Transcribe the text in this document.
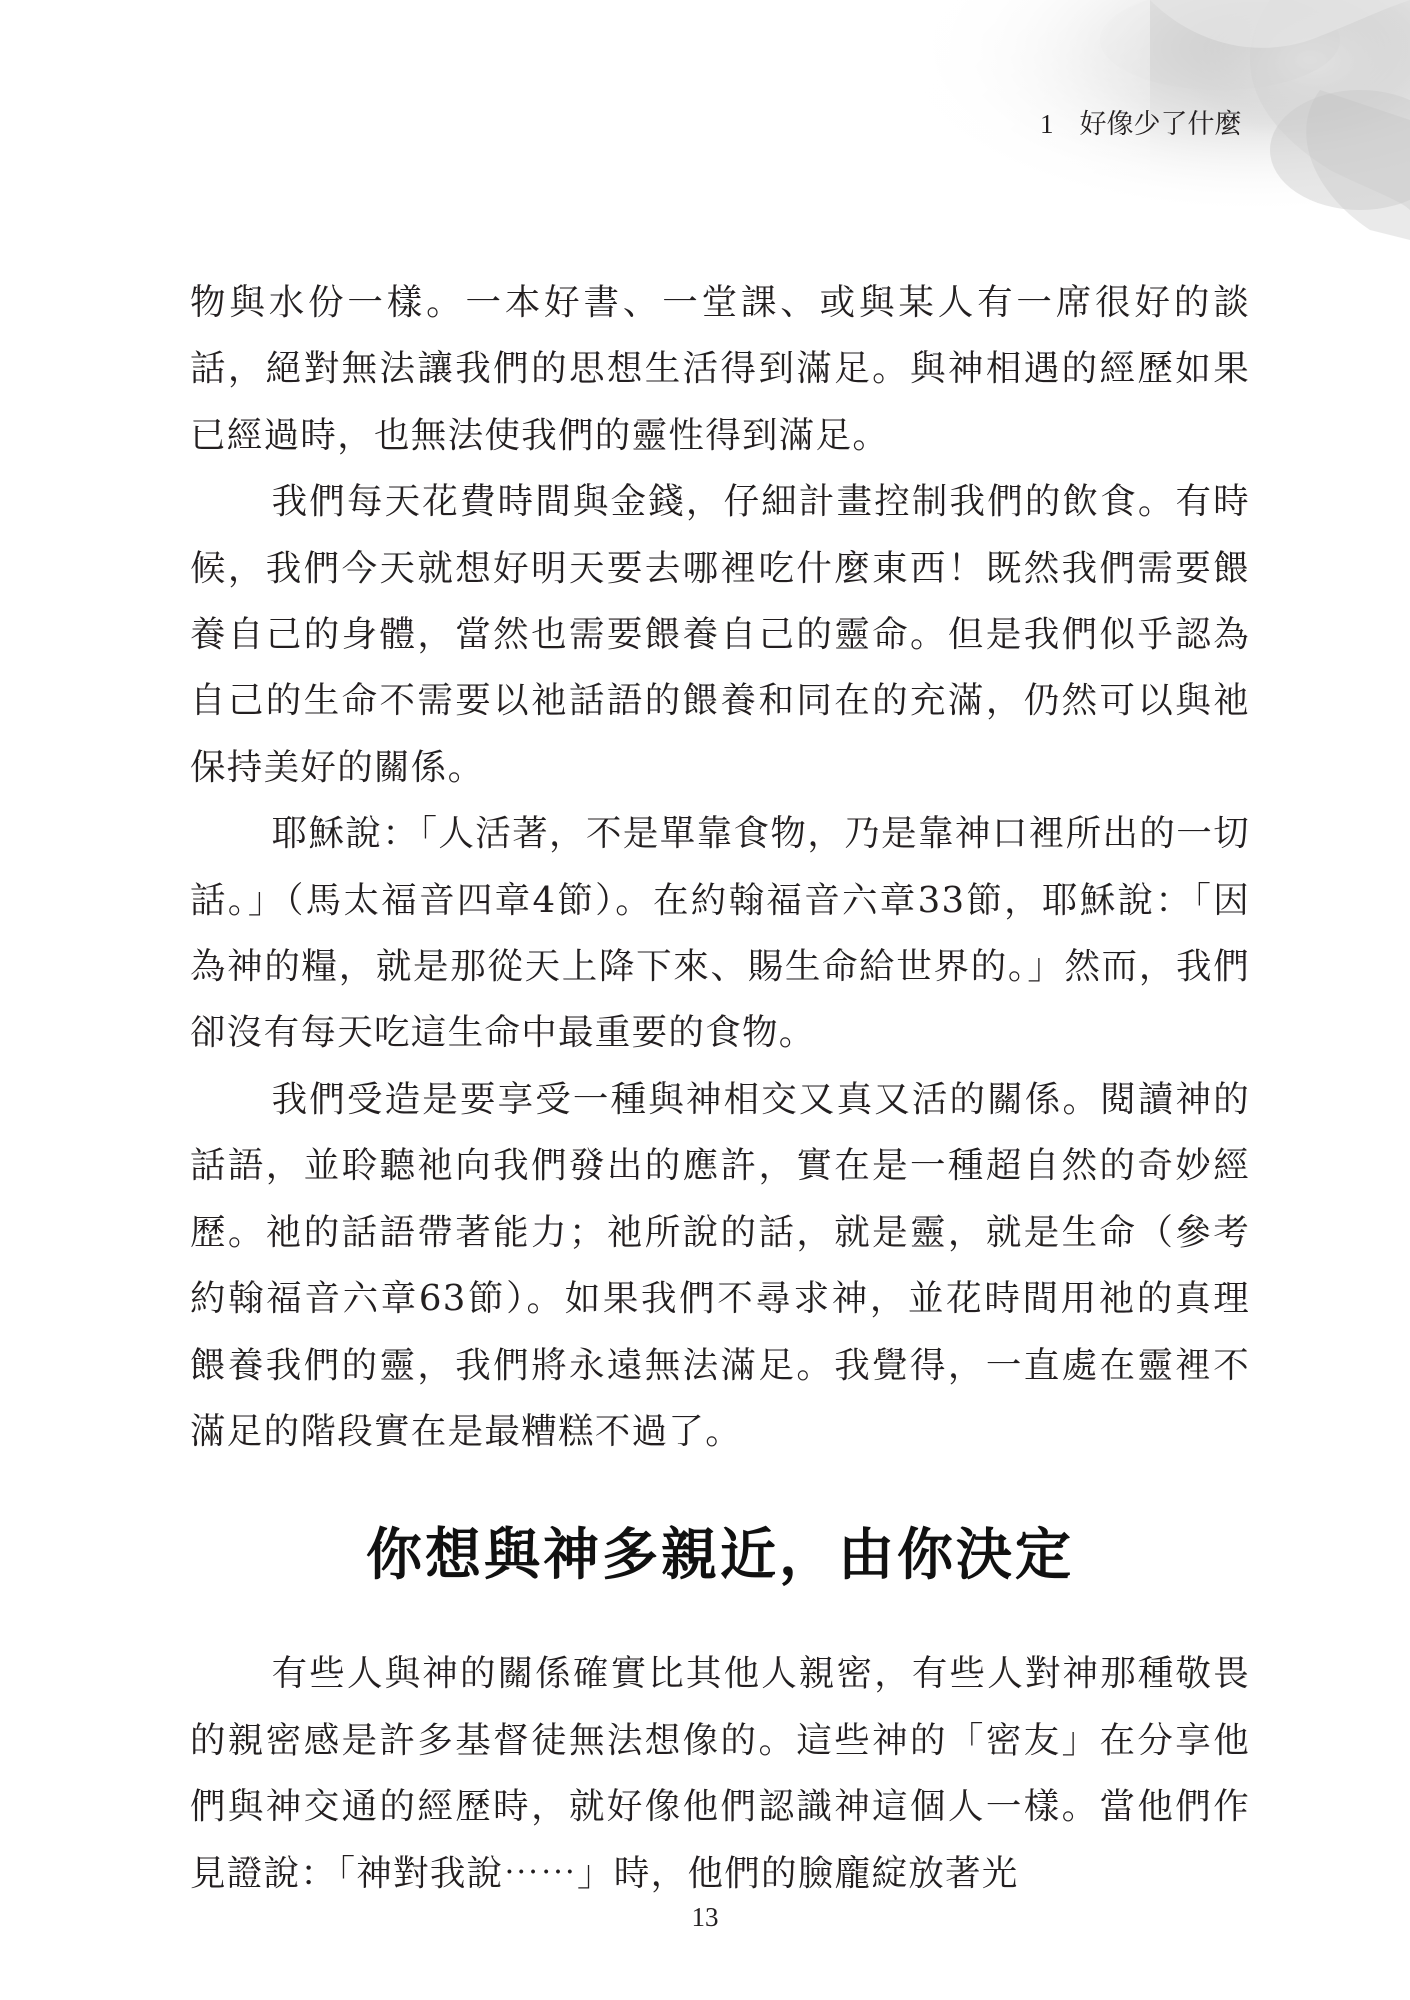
1 好像少了什麼

物與水份一樣。一本好書、一堂課、或與某人有一席很好的談話，絕對無法讓我們的思想生活得到滿足。與神相遇的經歷如果已經過時，也無法使我們的靈性得到滿足。

我們每天花費時間與金錢，仔細計畫控制我們的飲食。有時候，我們今天就想好明天要去哪裡吃什麼東西！既然我們需要餵養自己的身體，當然也需要餵養自己的靈命。但是我們似乎認為自己的生命不需要以祂話語的餵養和同在的充滿，仍然可以與祂保持美好的關係。

耶穌說：「人活著，不是單靠食物，乃是靠神口裡所出的一切話。」（馬太福音四章4節）。在約翰福音六章33節，耶穌說：「因為神的糧，就是那從天上降下來、賜生命給世界的。」然而，我們卻沒有每天吃這生命中最重要的食物。

我們受造是要享受一種與神相交又真又活的關係。閱讀神的話語，並聆聽祂向我們發出的應許，實在是一種超自然的奇妙經歷。祂的話語帶著能力；祂所說的話，就是靈，就是生命（參考約翰福音六章63節）。如果我們不尋求神，並花時間用祂的真理餵養我們的靈，我們將永遠無法滿足。我覺得，一直處在靈裡不滿足的階段實在是最糟糕不過了。

你想與神多親近，由你決定

有些人與神的關係確實比其他人親密，有些人對神那種敬畏的親密感是許多基督徒無法想像的。這些神的「密友」在分享他們與神交通的經歷時，就好像他們認識神這個人一樣。當他們作見證說：「神對我說⋯⋯」時，他們的臉龐綻放著光

13
